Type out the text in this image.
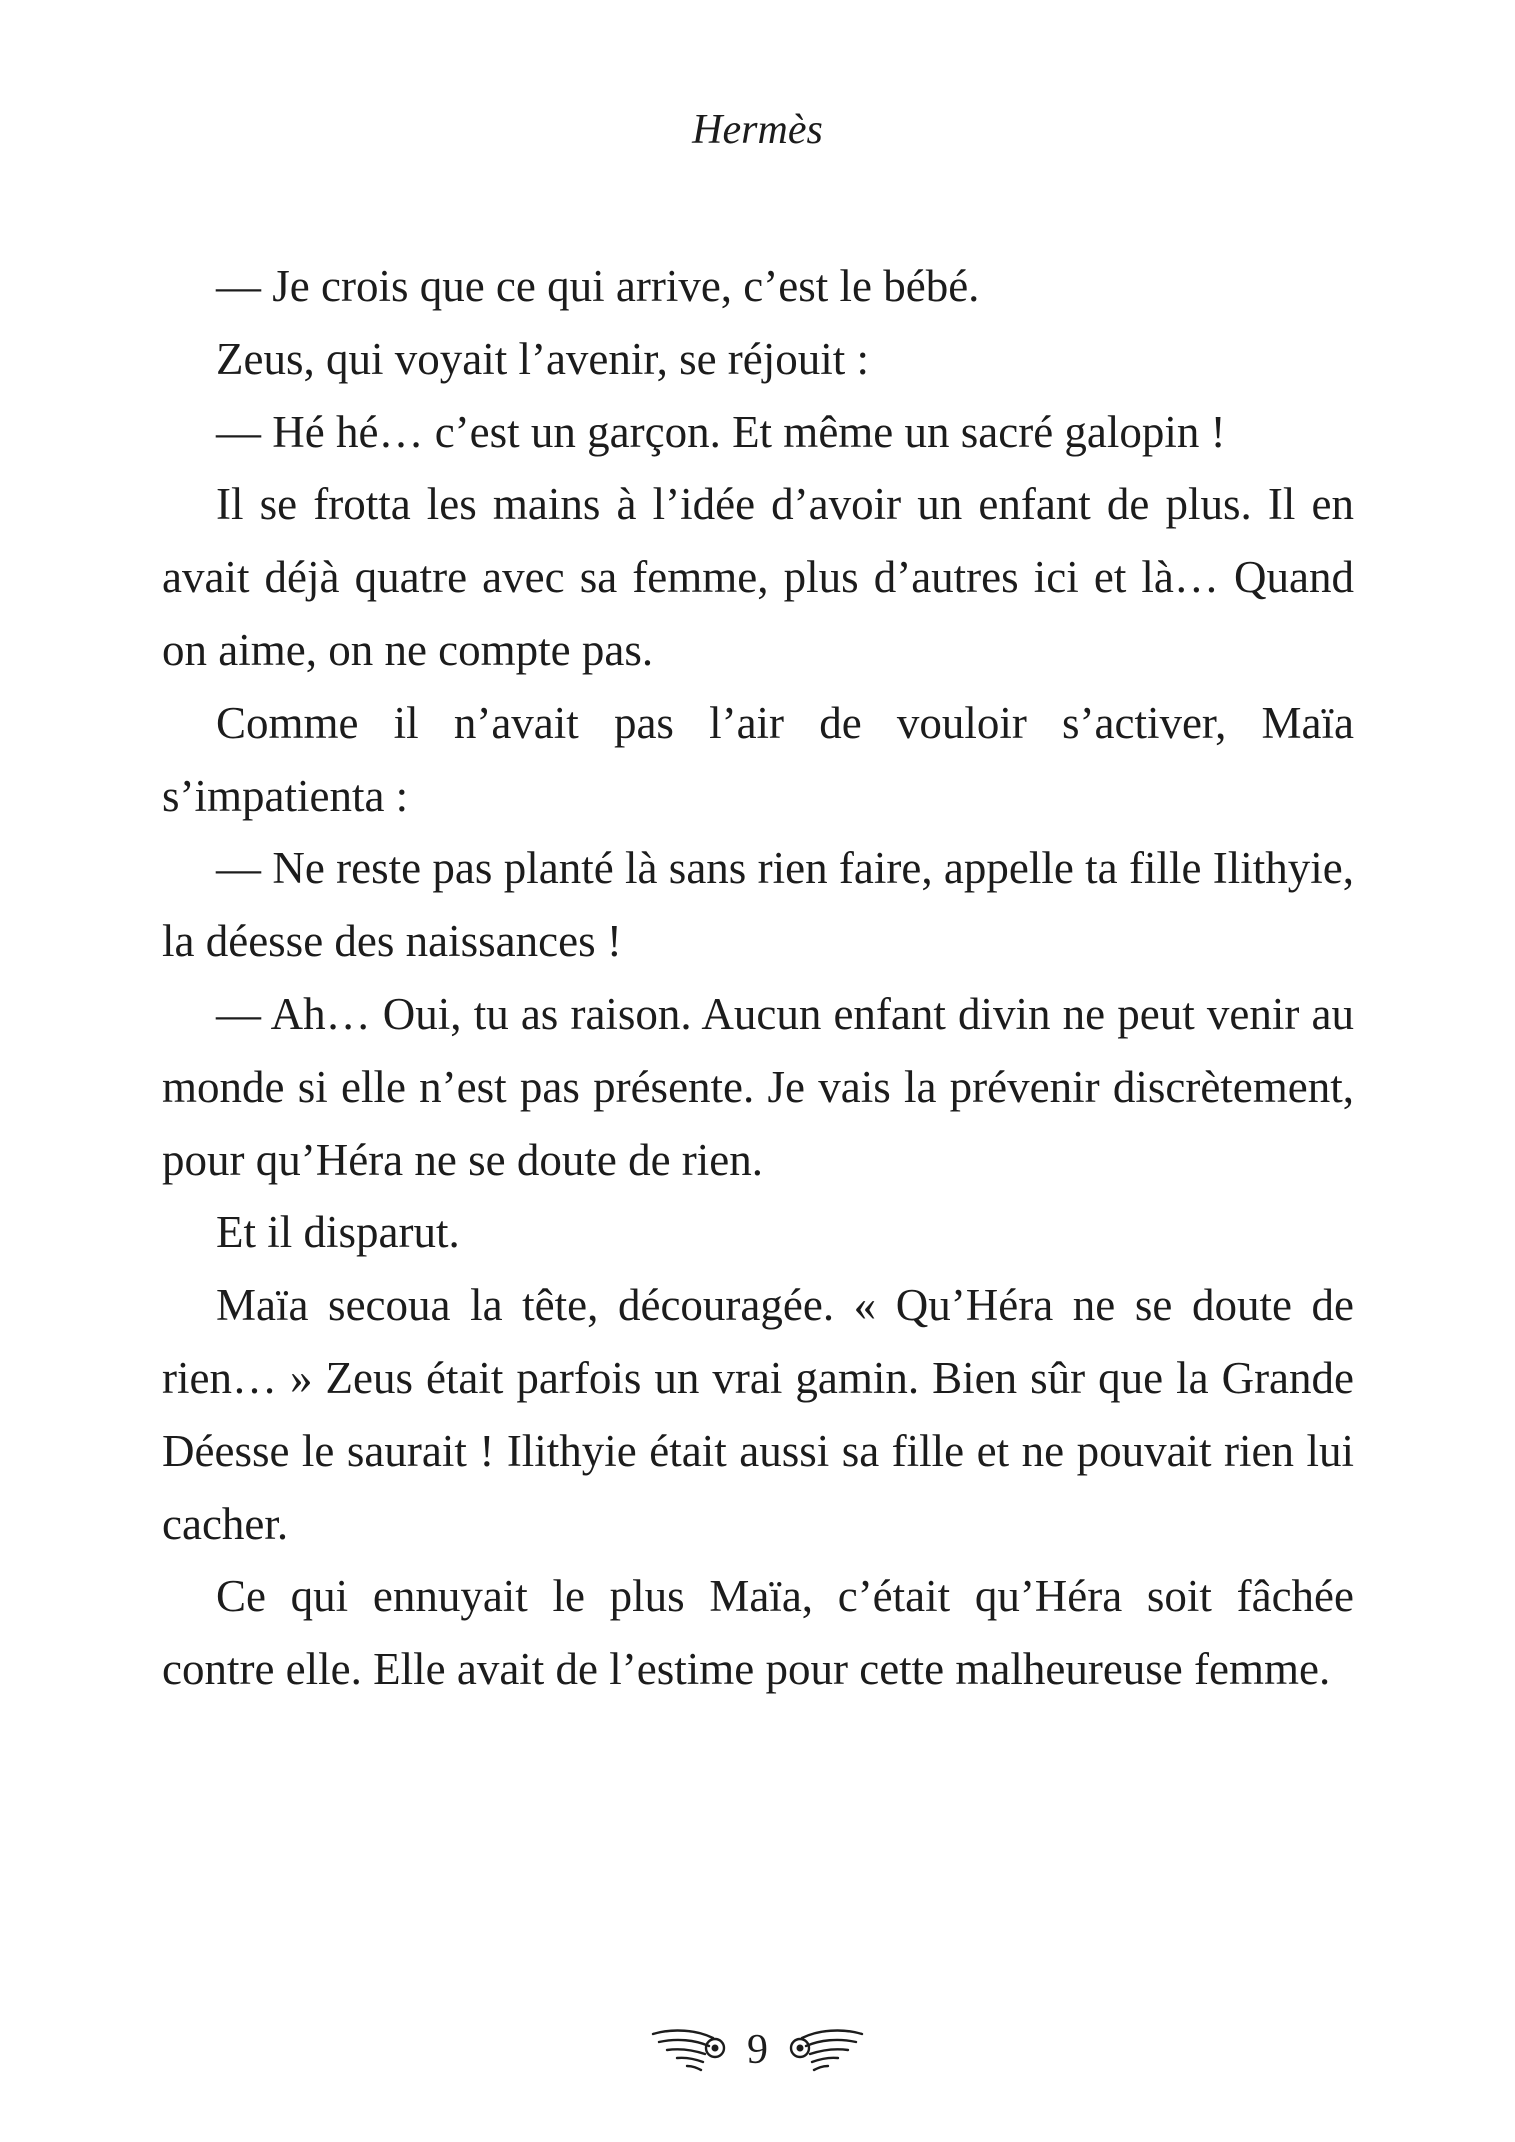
Hermès

— Je crois que ce qui arrive, c’est le bébé.

Zeus, qui voyait l’avenir, se réjouit :

— Hé hé… c’est un garçon. Et même un sacré galopin !

Il se frotta les mains à l’idée d’avoir un enfant de plus. Il en avait déjà quatre avec sa femme, plus d’autres ici et là… Quand on aime, on ne compte pas.

Comme il n’avait pas l’air de vouloir s’activer, Maïa s’impatienta :

— Ne reste pas planté là sans rien faire, appelle ta fille Ilithyie, la déesse des naissances !

— Ah… Oui, tu as raison. Aucun enfant divin ne peut venir au monde si elle n’est pas présente. Je vais la prévenir discrètement, pour qu’Héra ne se doute de rien.

Et il disparut.

Maïa secoua la tête, découragée. « Qu’Héra ne se doute de rien… » Zeus était parfois un vrai gamin. Bien sûr que la Grande Déesse le saurait ! Ilithyie était aussi sa fille et ne pouvait rien lui cacher.

Ce qui ennuyait le plus Maïa, c’était qu’Héra soit fâchée contre elle. Elle avait de l’estime pour cette malheureuse femme.

9
